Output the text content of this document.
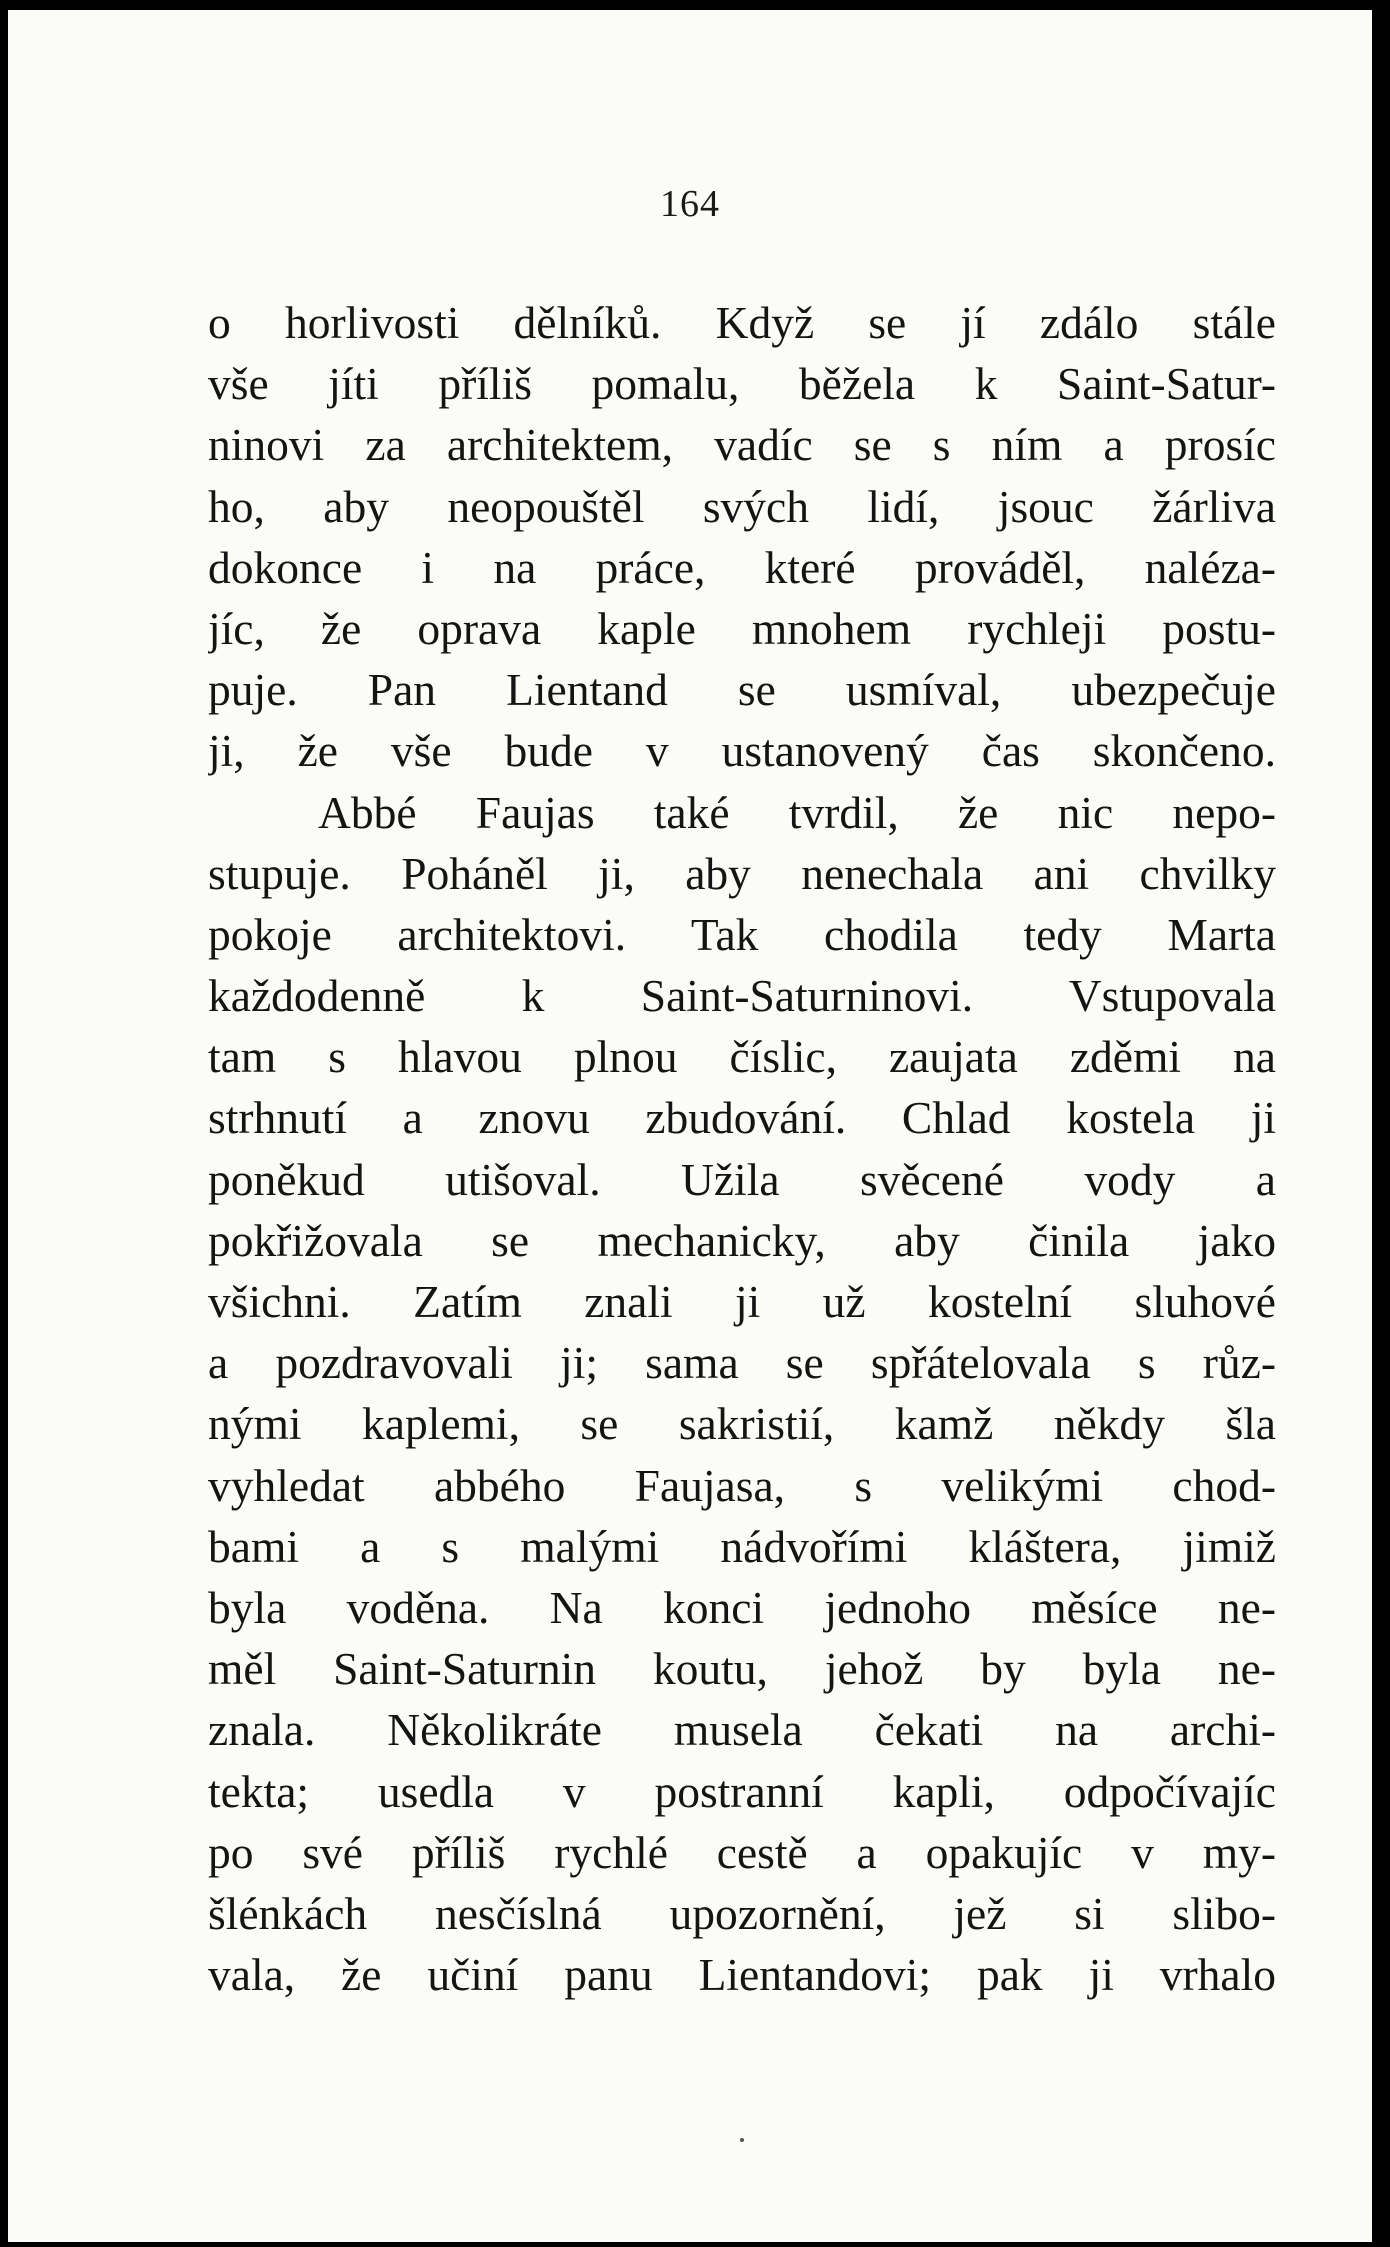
164
o horlivosti dělníků. Když se jí zdálo stále
vše jíti příliš pomalu, běžela k Saint-Satur-
ninovi za architektem, vadíc se s ním a prosíc
ho, aby neopouštěl svých lidí, jsouc žárliva
dokonce i na práce, které prováděl, nalézа-
jíc, že oprava kaple mnohem rychleji postu-
puje. Pan Lientand se usmíval, ubezpečuje
ji, že vše bude v ustanovený čas skončeno.
Abbé Faujas také tvrdil, že nic nepo-
stupuje. Poháněl ji, aby nenechala ani chvilky
pokoje architektovi. Tak chodila tedy Marta
každodenně k Saint-Saturninovi. Vstupovala
tam s hlavou plnou číslic, zaujata zděmi na
strhnutí a znovu zbudování. Chlad kostela ji
poněkud utišoval. Užila svěcené vody a
pokřižovala se mechanicky, aby činila jako
všichni. Zatím znali ji už kostelní sluhové
a pozdravovali ji; sama se spřátelovala s růz-
nými kaplemi, se sakristií, kamž někdy šla
vyhledat abbého Faujasa, s velikými chod-
bami a s malými nádvořími kláštera, jimiž
byla voděna. Na konci jednoho měsíce ne-
měl Saint-Saturnin koutu, jehož by byla ne-
znala. Několikráte musela čekati na archi-
tekta; usedla v postranní kapli, odpočívajíc
po své příliš rychlé cestě a opakujíc v my-
šlénkách nesčíslná upozornění, jež si slibo-
vala, že učiní panu Lientandovi; pak ji vrhalo
